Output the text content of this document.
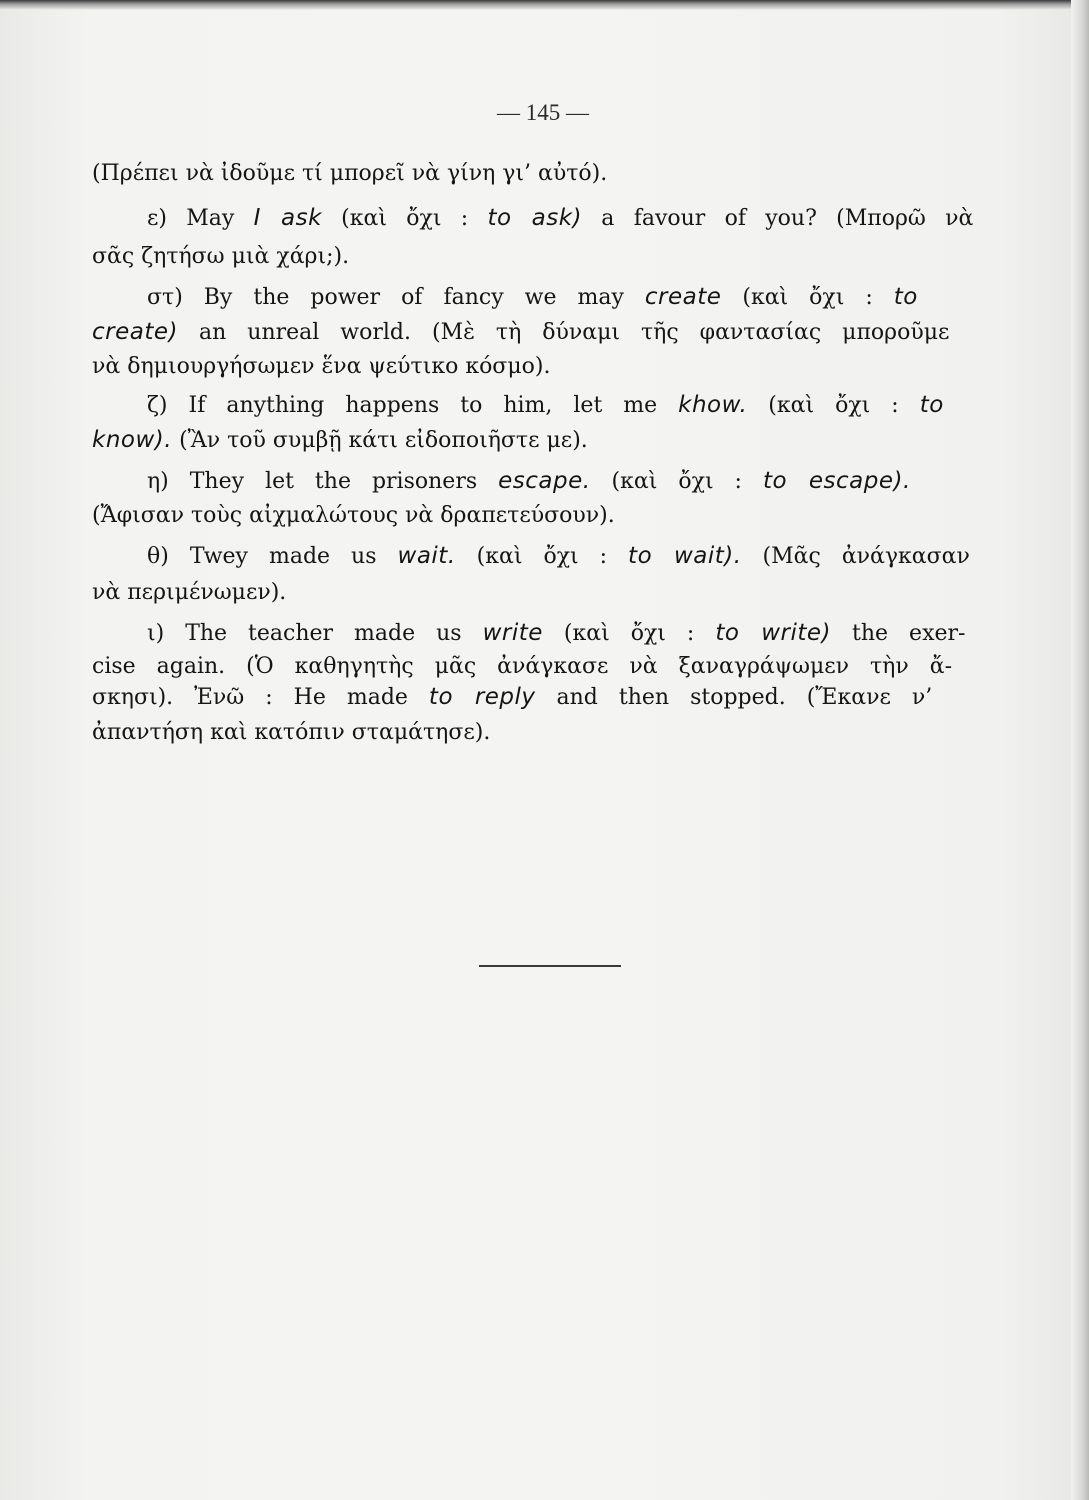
— 145 —
(Πρέπει νὰ ἰδοῦμε τί μπορεῖ νὰ γίνη γι’ αὐτό).
ε) May I ask (καὶ ὄχι : to ask) a favour of you? (Μπορῶ νὰ
σᾶς ζητήσω μιὰ χάρι;).
στ) By the power of fancy we may create (καὶ ὄχι : to
create) an unreal world. (Μὲ τὴ δύναμι τῆς φαντασίας μποροῦμε
νὰ δημιουργήσωμεν ἕνα ψεύτικο κόσμο).
ζ) If anything happens to him, let me khow. (καὶ ὄχι : to
know). (Ἂν τοῦ συμβῇ κάτι εἰδοποιῆστε με).
η) They let the prisoners escape. (καὶ ὄχι : to escape).
(Ἄφισαν τοὺς αἰχμαλώτους νὰ δραπετεύσουν).
θ) Twey made us wait. (καὶ ὄχι : to wait). (Μᾶς ἀνάγκασαν
νὰ περιμένωμεν).
ι) The teacher made us write (καὶ ὄχι : to write) the exer-
cise again. (Ὁ καθηγητὴς μᾶς ἀνάγκασε νὰ ξαναγράψωμεν τὴν ἄ-
σκησι). Ἐνῶ : He made to reply and then stopped. (Ἔκανε ν’
ἀπαντήση καὶ κατόπιν σταμάτησε).
